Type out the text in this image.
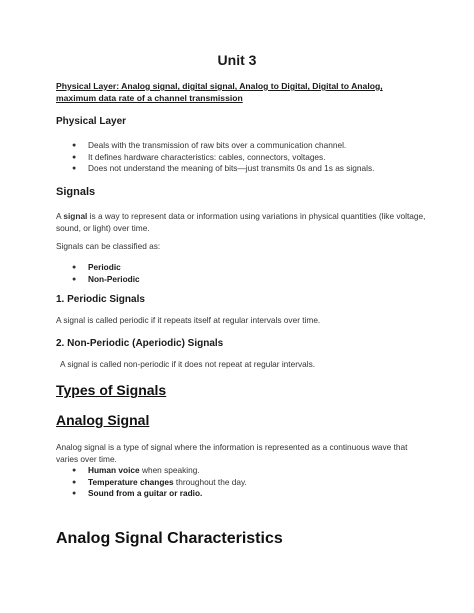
Unit 3

Physical Layer: Analog signal, digital signal, Analog to Digital, Digital to Analog, maximum data rate of a channel transmission

Physical Layer
● Deals with the transmission of raw bits over a communication channel.
● It defines hardware characteristics: cables, connectors, voltages.
● Does not understand the meaning of bits—just transmits 0s and 1s as signals.
Signals

A signal is a way to represent data or information using variations in physical quantities (like voltage, sound, or light) over time.

Signals can be classified as:

● Periodic
● Non-Periodic
1. Periodic Signals

A signal is called periodic if it repeats itself at regular intervals over time.

2. Non-Periodic (Aperiodic) Signals

A signal is called non-periodic if it does not repeat at regular intervals.

Types of Signals
Analog Signal

Analog signal is a type of signal where the information is represented as a continuous wave that varies over time.

● Human voice when speaking.
● Temperature changes throughout the day.
● Sound from a guitar or radio.
Analog Signal Characteristics
